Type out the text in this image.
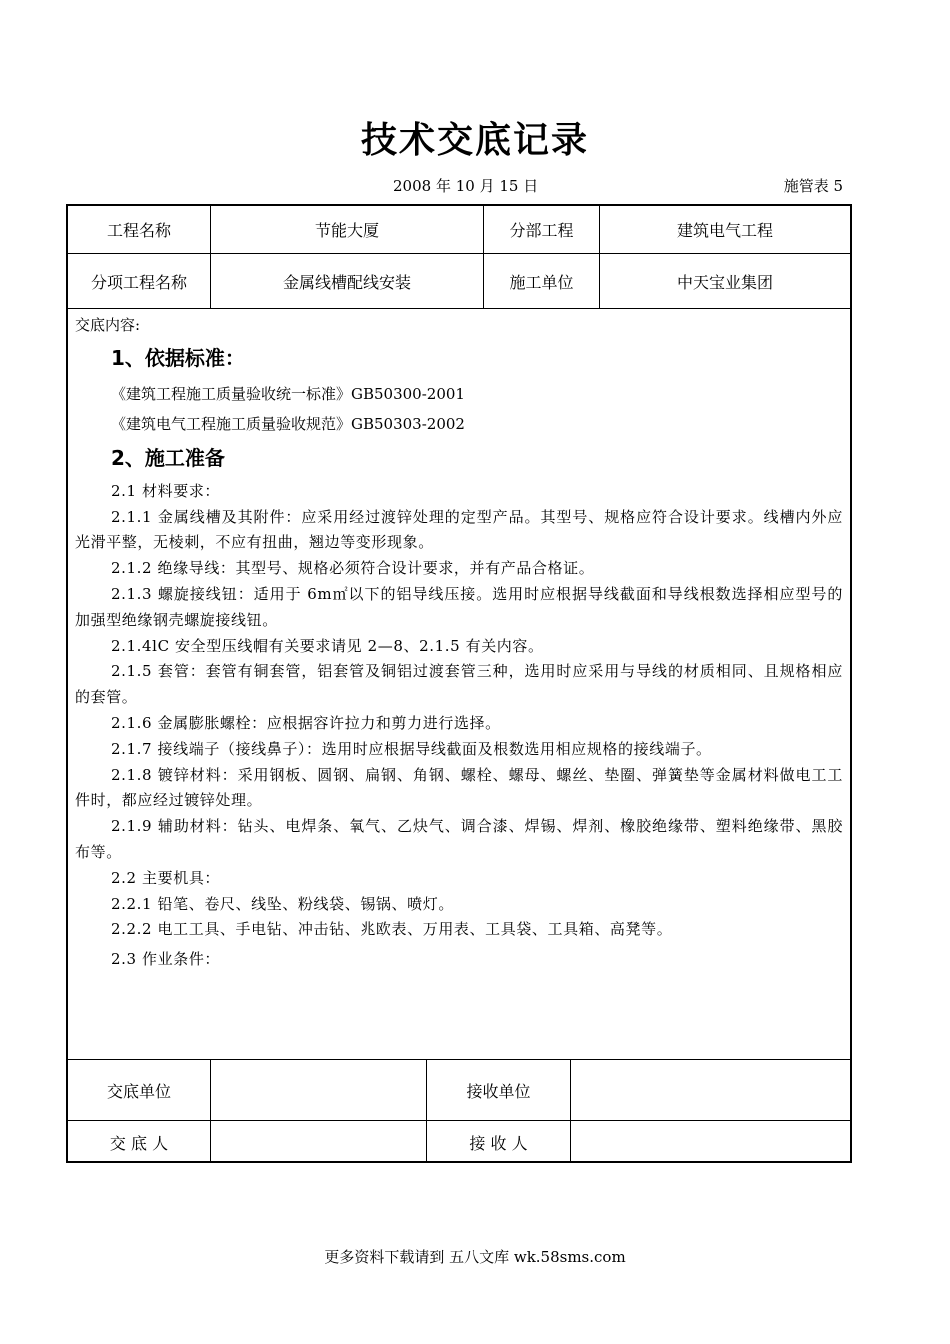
技术交底记录
2008 年 10 月 15 日	施管表 5
工程名称	节能大厦	分部工程	建筑电气工程
分项工程名称	金属线槽配线安装	施工单位	中天宝业集团
交底单位	接收单位
交 底 人	接 收 人

交底内容:

1、依据标准：

《建筑工程施工质量验收统一标准》GB50300-2001

《建筑电气工程施工质量验收规范》GB50303-2002

2、施工准备

2.1 材料要求：

2.1.1 金属线槽及其附件：应采用经过渡锌处理的定型产品。其型号、规格应符合设计要求。线槽内外应光滑平整，无棱刺，不应有扭曲，翘边等变形现象。

2.1.2 绝缘导线：其型号、规格必须符合设计要求，并有产品合格证。

2.1.3 螺旋接线钮：适用于 6m㎡以下的铝导线压接。选用时应根据导线截面和导线根数选择相应型号的加强型绝缘钢壳螺旋接线钮。

2.1.4lC 安全型压线帽有关要求请见 2—8、2.1.5 有关内容。

2.1.5 套管：套管有铜套管，铝套管及铜铝过渡套管三种，选用时应采用与导线的材质相同、且规格相应的套管。

2.1.6 金属膨胀螺栓：应根据容许拉力和剪力进行选择。

2.1.7 接线端子（接线鼻子）：选用时应根据导线截面及根数选用相应规格的接线端子。

2.1.8 镀锌材料：采用钢板、圆钢、扁钢、角钢、螺栓、螺母、螺丝、垫圈、弹簧垫等金属材料做电工工件时，都应经过镀锌处理。

2.1.9 辅助材料：钻头、电焊条、氧气、乙炔气、调合漆、焊锡、焊剂、橡胶绝缘带、塑料绝缘带、黑胶布等。

2.2 主要机具：

2.2.1 铅笔、卷尺、线坠、粉线袋、锡锅、喷灯。

2.2.2 电工工具、手电钻、冲击钻、兆欧表、万用表、工具袋、工具箱、高凳等。

2.3 作业条件：

更多资料下载请到 五八文库 wk.58sms.com
